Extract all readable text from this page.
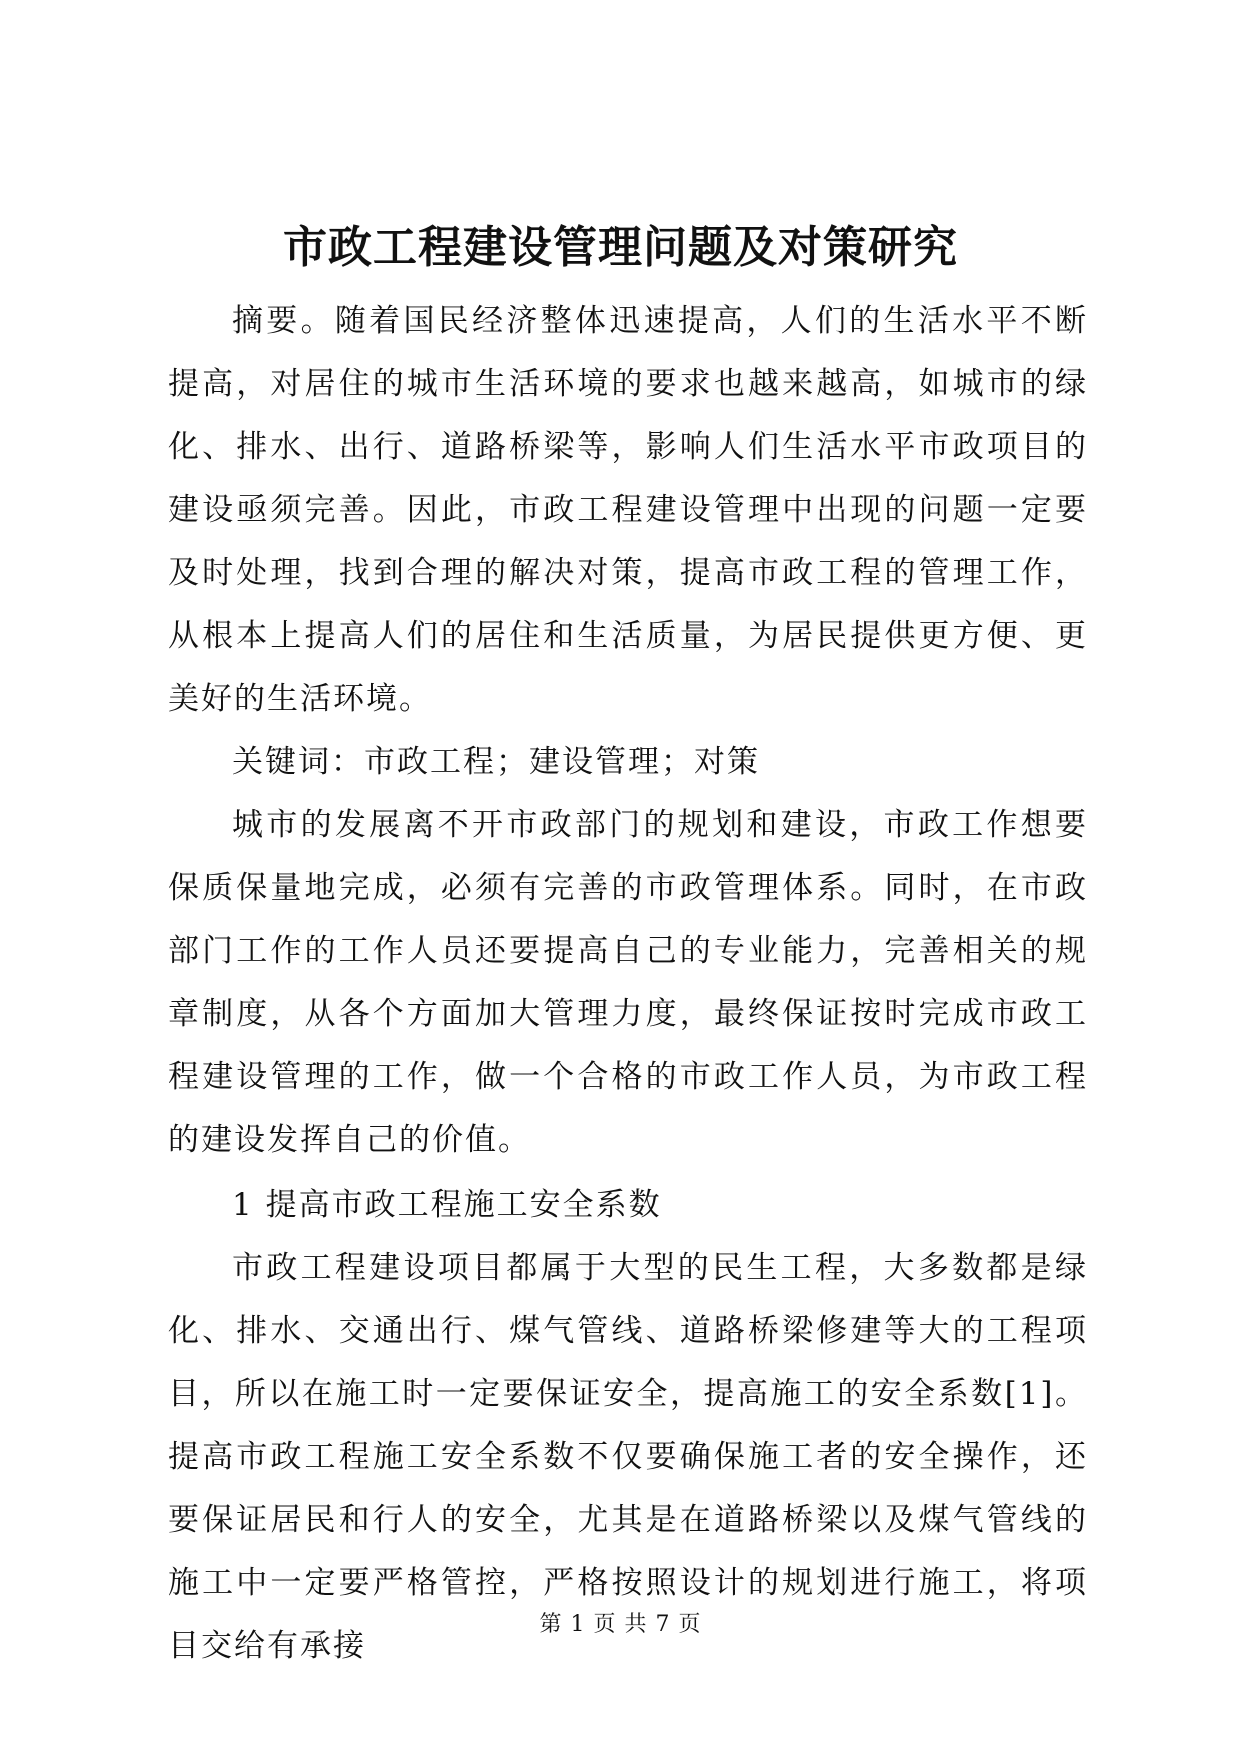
市政工程建设管理问题及对策研究

摘要。随着国民经济整体迅速提高，人们的生活水平不断提高，对居住的城市生活环境的要求也越来越高，如城市的绿化、排水、出行、道路桥梁等，影响人们生活水平市政项目的建设亟须完善。因此，市政工程建设管理中出现的问题一定要及时处理，找到合理的解决对策，提高市政工程的管理工作，从根本上提高人们的居住和生活质量，为居民提供更方便、更美好的生活环境。

关键词：市政工程；建设管理；对策

城市的发展离不开市政部门的规划和建设，市政工作想要保质保量地完成，必须有完善的市政管理体系。同时，在市政部门工作的工作人员还要提高自己的专业能力，完善相关的规章制度，从各个方面加大管理力度，最终保证按时完成市政工程建设管理的工作，做一个合格的市政工作人员，为市政工程的建设发挥自己的价值。

1 提高市政工程施工安全系数

市政工程建设项目都属于大型的民生工程，大多数都是绿化、排水、交通出行、煤气管线、道路桥梁修建等大的工程项目，所以在施工时一定要保证安全，提高施工的安全系数[1]。提高市政工程施工安全系数不仅要确保施工者的安全操作，还要保证居民和行人的安全，尤其是在道路桥梁以及煤气管线的施工中一定要严格管控，严格按照设计的规划进行施工，将项目交给有承接

第 1 页 共 7 页
